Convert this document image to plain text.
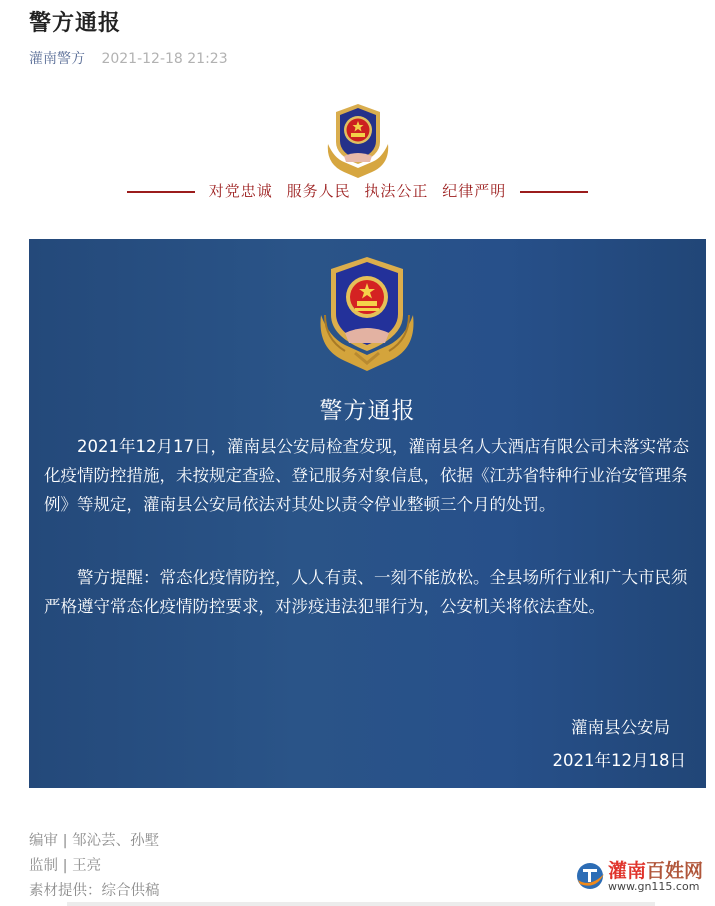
警方通报
灌南警方 2021-12-18 21:23
对党忠诚 服务人民 执法公正 纪律严明
警方通报

2021年12月17日，灌南县公安局检查发现，灌南县名人大酒店有限公司未落实常态化疫情防控措施，未按规定查验、登记服务对象信息，依据《江苏省特种行业治安管理条例》等规定，灌南县公安局依法对其处以责令停业整顿三个月的处罚。

警方提醒：常态化疫情防控，人人有责、一刻不能放松。全县场所行业和广大市民须严格遵守常态化疫情防控要求，对涉疫违法犯罪行为，公安机关将依法查处。

灌南县公安局
2021年12月18日
编审 | 邹沁芸、孙墅
监制 | 王亮
素材提供：综合供稿
灌南百姓网
www.gn115.com
